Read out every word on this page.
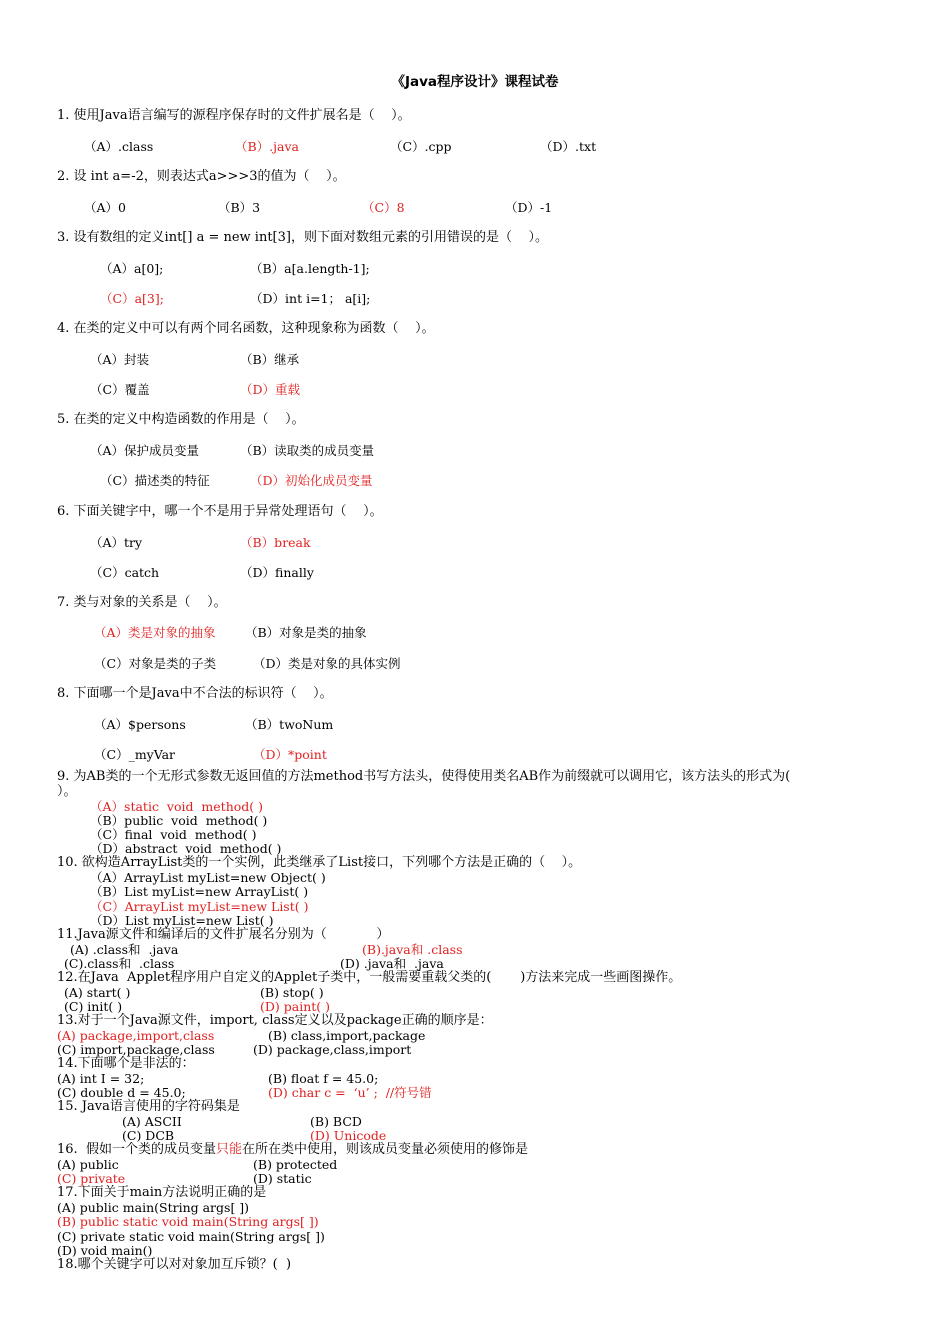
《Java程序设计》课程试卷
1. 使用Java语言编写的源程序保存时的文件扩展名是（    ）。
（A）.class	（B）.java	（C）.cpp	（D）.txt
2. 设 int a=-2，则表达式a>>>3的值为（    ）。
（A）0	（B）3	（C）8	（D）-1
3. 设有数组的定义int[] a = new int[3]，则下面对数组元素的引用错误的是（    ）。
（A）a[0];	（B）a[a.length-1];
（C）a[3];	（D）int i=1； a[i];
4. 在类的定义中可以有两个同名函数，这种现象称为函数（    ）。
（A）封装	（B）继承
（C）覆盖	（D）重载
5. 在类的定义中构造函数的作用是（    ）。
（A）保护成员变量	（B）读取类的成员变量
（C）描述类的特征	（D）初始化成员变量
6. 下面关键字中，哪一个不是用于异常处理语句（    ）。
（A）try	（B）break
（C）catch	（D）finally
7. 类与对象的关系是（    ）。
（A）类是对象的抽象 （B）对象是类的抽象
（C）对象是类的子类	（D）类是对象的具体实例
8. 下面哪一个是Java中不合法的标识符（    ）。
（A）$persons	（B）twoNum
（C）_myVar	（D）*point
9. 为AB类的一个无形式参数无返回值的方法method书写方法头，使得使用类名AB作为前缀就可以调用它，该方法头的形式为(
）。
（A）static  void  method( )
（B）public  void  method( )
（C）final  void  method( )
（D）abstract  void  method( )
10. 欲构造ArrayList类的一个实例，此类继承了List接口，下列哪个方法是正确的（    ）。
（A）ArrayList myList=new Object( )
（B）List myList=new ArrayList( )
（C）ArrayList myList=new List( )
（D）List myList=new List( )
11.Java源文件和编译后的文件扩展名分别为（            ）
(A) .class和  .java	(B).java和 .class
(C).class和  .class	(D) .java和  .java
12.在Java  Applet程序用户自定义的Applet子类中，一般需要重载父类的(       )方法来完成一些画图操作。
(A) start( )	(B) stop( )
(C) init( )	(D) paint( )
13.对于一个Java源文件，import, class定义以及package正确的顺序是：
(A) package,import,class	(B) class,import,package
(C) import,package,class	(D) package,class,import
14.下面哪个是非法的：
(A) int I = 32;	(B) float f = 45.0;
(C) double d = 45.0;	(D) char c =  ‘u’ ;  //符号错
15. Java语言使用的字符码集是
(A) ASCII	(B) BCD
(C) DCB	(D) Unicode
16.  假如一个类的成员变量只能在所在类中使用，则该成员变量必须使用的修饰是
(A) public	(B) protected
(C) private	(D) static
17.下面关于main方法说明正确的是
(A) public main(String args[ ])
(B) public static void main(String args[ ])
(C) private static void main(String args[ ])
(D) void main()
18.哪个关键字可以对对象加互斥锁？(  )
